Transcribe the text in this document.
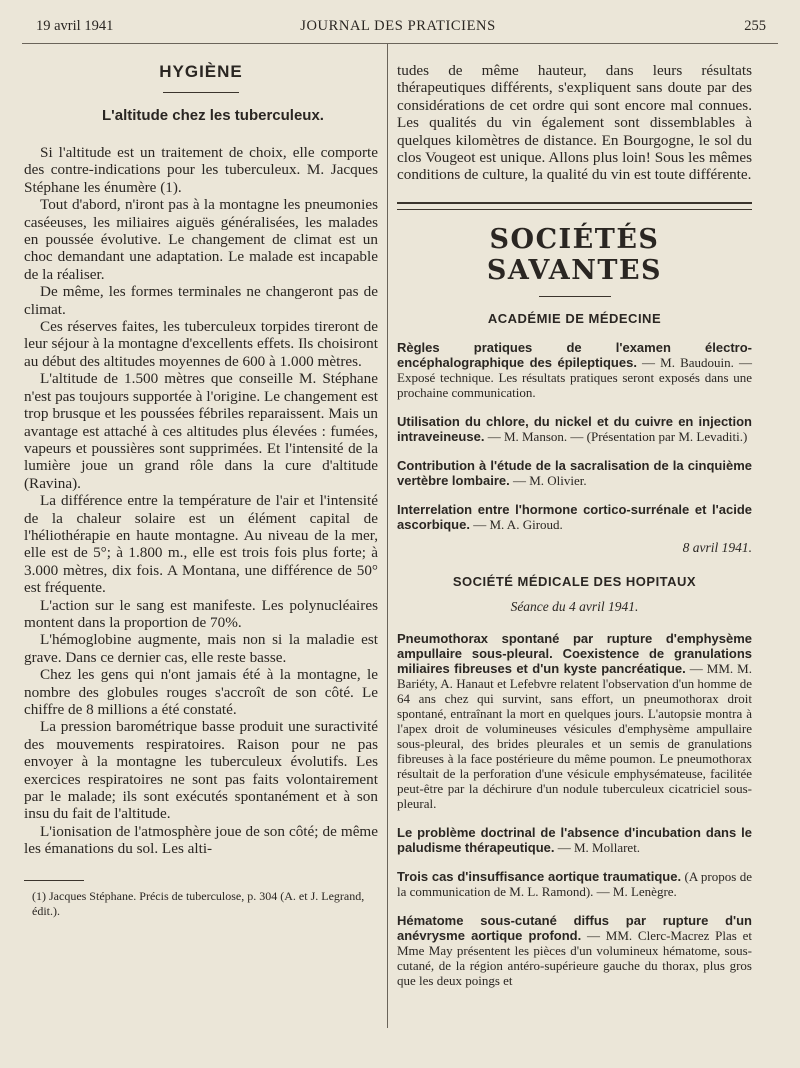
19 avril 1941	JOURNAL DES PRATICIENS	255
HYGIÈNE
L'altitude chez les tuberculeux.

Si l'altitude est un traitement de choix, elle comporte des contre-indications pour les tuberculeux. M. Jacques Stéphane les énumère (1).

Tout d'abord, n'iront pas à la montagne les pneumonies caséeuses, les miliaires aiguës généralisées, les malades en poussée évolutive. Le changement de climat est un choc demandant une adaptation. Le malade est incapable de la réaliser.

De même, les formes terminales ne changeront pas de climat.

Ces réserves faites, les tuberculeux torpides tireront de leur séjour à la montagne d'excellents effets. Ils choisiront au début des altitudes moyennes de 600 à 1.000 mètres.

L'altitude de 1.500 mètres que conseille M. Stéphane n'est pas toujours supportée à l'origine. Le changement est trop brusque et les poussées fébriles reparaissent. Mais un avantage est attaché à ces altitudes plus élevées : fumées, vapeurs et poussières sont supprimées. Et l'intensité de la lumière joue un grand rôle dans la cure d'altitude (Ravina).

La différence entre la température de l'air et l'intensité de la chaleur solaire est un élément capital de l'héliothérapie en haute montagne. Au niveau de la mer, elle est de 5°; à 1.800 m., elle est trois fois plus forte; à 3.000 mètres, dix fois. A Montana, une différence de 50° est fréquente.

L'action sur le sang est manifeste. Les polynucléaires montent dans la proportion de 70%.

L'hémoglobine augmente, mais non si la maladie est grave. Dans ce dernier cas, elle reste basse.

Chez les gens qui n'ont jamais été à la montagne, le nombre des globules rouges s'accroît de son côté. Le chiffre de 8 millions a été constaté.

La pression barométrique basse produit une suractivité des mouvements respiratoires. Raison pour ne pas envoyer à la montagne les tuberculeux évolutifs. Les exercices respiratoires ne sont pas faits volontairement par le malade; ils sont exécutés spontanément et à son insu du fait de l'altitude.

L'ionisation de l'atmosphère joue de son côté; de même les émanations du sol. Les alti-

(1) Jacques Stéphane. Précis de tuberculose, p. 304 (A. et J. Legrand, édit.).

tudes de même hauteur, dans leurs résultats thérapeutiques différents, s'expliquent sans doute par des considérations de cet ordre qui sont encore mal connues. Les qualités du vin également sont dissemblables à quelques kilomètres de distance. En Bourgogne, le sol du clos Vougeot est unique. Allons plus loin! Sous les mêmes conditions de culture, la qualité du vin est toute différente.

SOCIÉTÉS SAVANTES
ACADÉMIE DE MÉDECINE
Règles pratiques de l'examen électro-encéphalographique des épileptiques. — M. Baudouin. — Exposé technique. Les résultats pratiques seront exposés dans une prochaine communication.
Utilisation du chlore, du nickel et du cuivre en injection intraveineuse. — M. Manson. — (Présentation par M. Levaditi.)
Contribution à l'étude de la sacralisation de la cinquième vertèbre lombaire. — M. Olivier.
Interrelation entre l'hormone cortico-surrénale et l'acide ascorbique. — M. A. Giroud.
8 avril 1941.
SOCIÉTÉ MÉDICALE DES HOPITAUX
Séance du 4 avril 1941.
Pneumothorax spontané par rupture d'emphysème ampullaire sous-pleural. Coexistence de granulations miliaires fibreuses et d'un kyste pancréatique. — MM. M. Bariéty, A. Hanaut et Lefebvre relatent l'observation d'un homme de 64 ans chez qui survint, sans effort, un pneumothorax droit spontané, entraînant la mort en quelques jours. L'autopsie montra à l'apex droit de volumineuses vésicules d'emphysème ampullaire sous-pleural, des brides pleurales et un semis de granulations fibreuses à la face postérieure du même poumon. Le pneumothorax résultait de la perforation d'une vésicule emphysémateuse, facilitée peut-être par la déchirure d'un nodule tuberculeux cicatriciel sous-pleural.
Le problème doctrinal de l'absence d'incubation dans le paludisme thérapeutique. — M. Mollaret.
Trois cas d'insuffisance aortique traumatique. (A propos de la communication de M. L. Ramond). — M. Lenègre.
Hématome sous-cutané diffus par rupture d'un anévrysme aortique profond. — MM. Clerc-Macrez Plas et Mme May présentent les pièces d'un volumineux hématome, sous-cutané, de la région antéro-supérieure gauche du thorax, plus gros que les deux poings et
